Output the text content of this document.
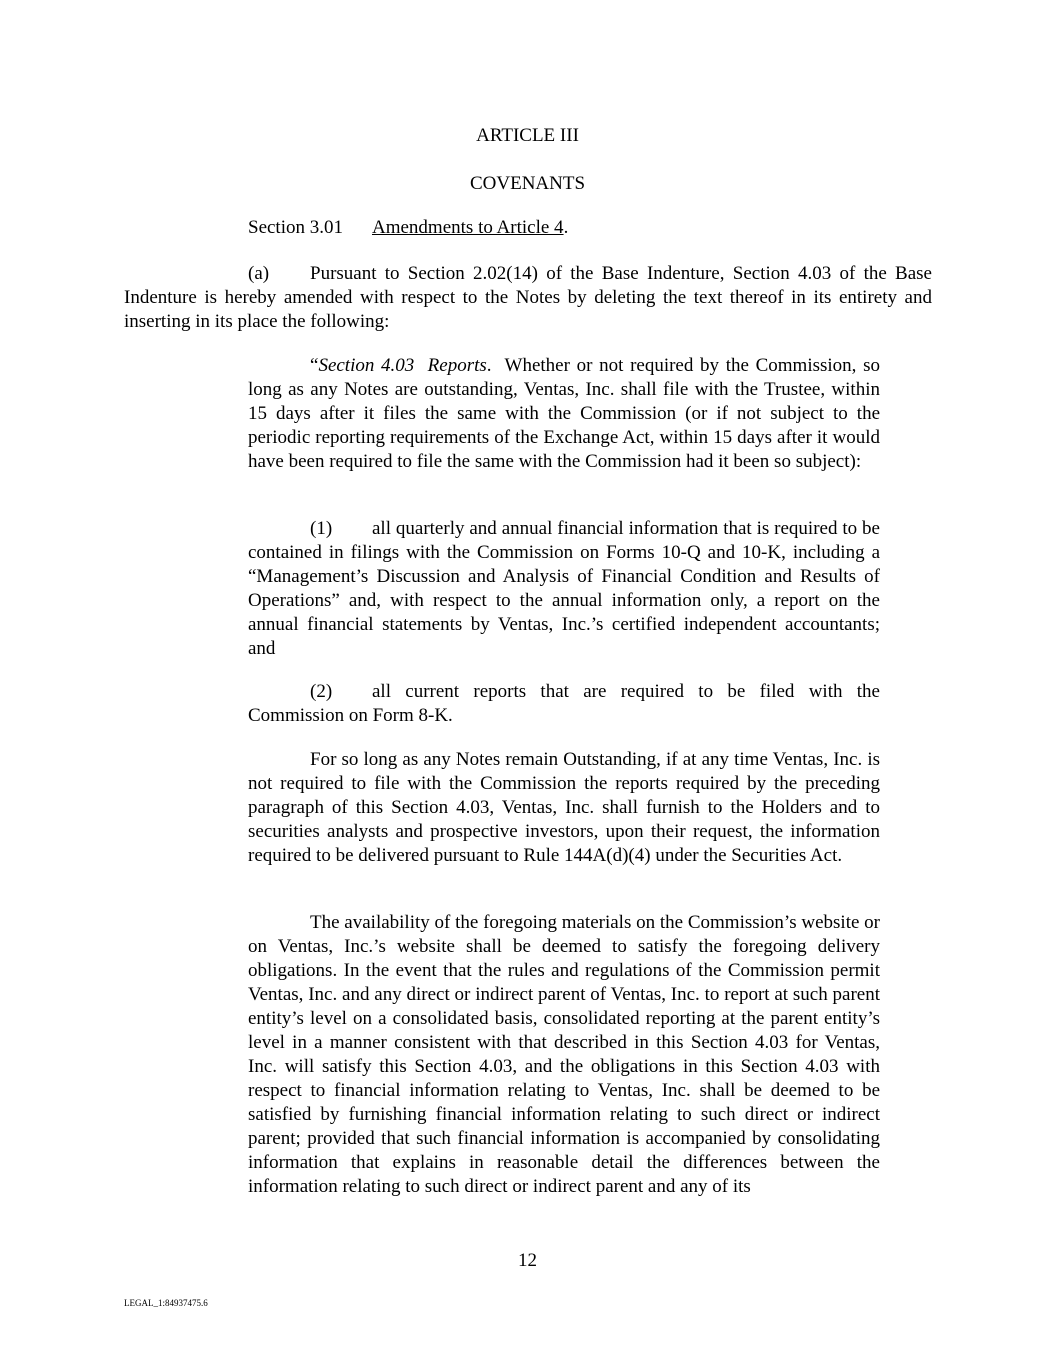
ARTICLE III
COVENANTS
Section 3.01 Amendments to Article 4.

(a) Pursuant to Section 2.02(14) of the Base Indenture, Section 4.03 of the Base Indenture is hereby amended with respect to the Notes by deleting the text thereof in its entirety and inserting in its place the following:

“Section 4.03 Reports. Whether or not required by the Commission, so long as any Notes are outstanding, Ventas, Inc. shall file with the Trustee, within 15 days after it files the same with the Commission (or if not subject to the periodic reporting requirements of the Exchange Act, within 15 days after it would have been required to file the same with the Commission had it been so subject):

(1) all quarterly and annual financial information that is required to be contained in filings with the Commission on Forms 10-Q and 10-K, including a “Management’s Discussion and Analysis of Financial Condition and Results of Operations” and, with respect to the annual information only, a report on the annual financial statements by Ventas, Inc.’s certified independent accountants; and

(2) all current reports that are required to be filed with the Commission on Form 8-K.

For so long as any Notes remain Outstanding, if at any time Ventas, Inc. is not required to file with the Commission the reports required by the preceding paragraph of this Section 4.03, Ventas, Inc. shall furnish to the Holders and to securities analysts and prospective investors, upon their request, the information required to be delivered pursuant to Rule 144A(d)(4) under the Securities Act.

The availability of the foregoing materials on the Commission’s website or on Ventas, Inc.’s website shall be deemed to satisfy the foregoing delivery obligations. In the event that the rules and regulations of the Commission permit Ventas, Inc. and any direct or indirect parent of Ventas, Inc. to report at such parent entity’s level on a consolidated basis, consolidated reporting at the parent entity’s level in a manner consistent with that described in this Section 4.03 for Ventas, Inc. will satisfy this Section 4.03, and the obligations in this Section 4.03 with respect to financial information relating to Ventas, Inc. shall be deemed to be satisfied by furnishing financial information relating to such direct or indirect parent; provided that such financial information is accompanied by consolidating information that explains in reasonable detail the differences between the information relating to such direct or indirect parent and any of its

12
LEGAL_1:84937475.6
